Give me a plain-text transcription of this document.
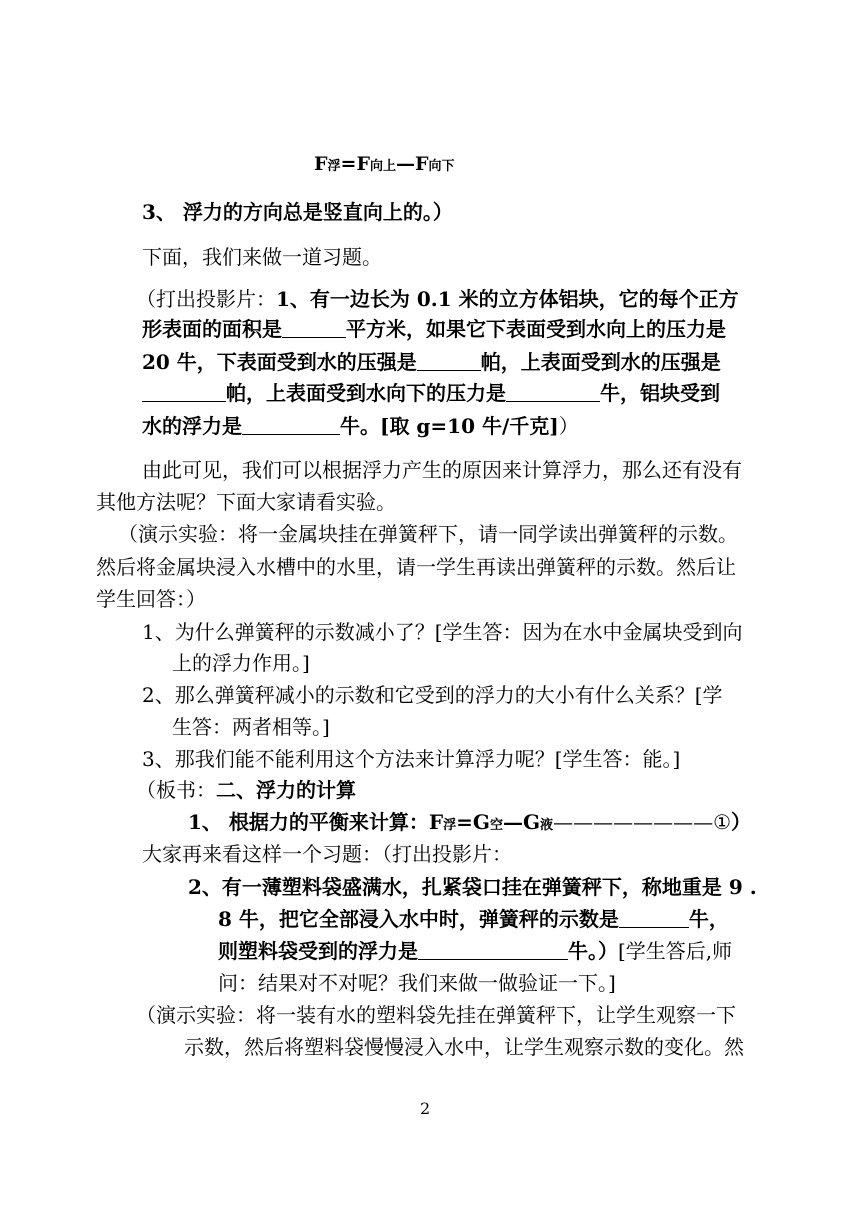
F浮=F向上—F向下
3、 浮力的方向总是竖直向上的。）
下面，我们来做一道习题。
（打出投影片：1、有一边长为 0.1 米的立方体铝块，它的每个正方
形表面的面积是	平方米，如果它下表面受到水向上的压力是
20 牛，下表面受到水的压强是	帕，上表面受到水的压强是
帕，上表面受到水向下的压力是	牛，铝块受到
水的浮力是	牛。[取 g=10 牛/千克]）
由此可见，我们可以根据浮力产生的原因来计算浮力，那么还有没有
其他方法呢？下面大家请看实验。
（演示实验：将一金属块挂在弹簧秤下，请一同学读出弹簧秤的示数。
然后将金属块浸入水槽中的水里，请一学生再读出弹簧秤的示数。然后让
学生回答：）
1、为什么弹簧秤的示数减小了？[学生答：因为在水中金属块受到向
上的浮力作用。]
2、那么弹簧秤减小的示数和它受到的浮力的大小有什么关系？[学
生答：两者相等。]
3、那我们能不能利用这个方法来计算浮力呢？[学生答：能。]
（板书：二、浮力的计算
1、 根据力的平衡来计算：F浮=G空—G液————————①）
大家再来看这样一个习题：（打出投影片：
2、有一薄塑料袋盛满水，扎紧袋口挂在弹簧秤下，称地重是 9 .
8 牛，把它全部浸入水中时，弹簧秤的示数是	牛，
则塑料袋受到的浮力是	牛。）[学生答后,师
问：结果对不对呢？我们来做一做验证一下。]
（演示实验：将一装有水的塑料袋先挂在弹簧秤下，让学生观察一下
示数，然后将塑料袋慢慢浸入水中，让学生观察示数的变化。然
2
